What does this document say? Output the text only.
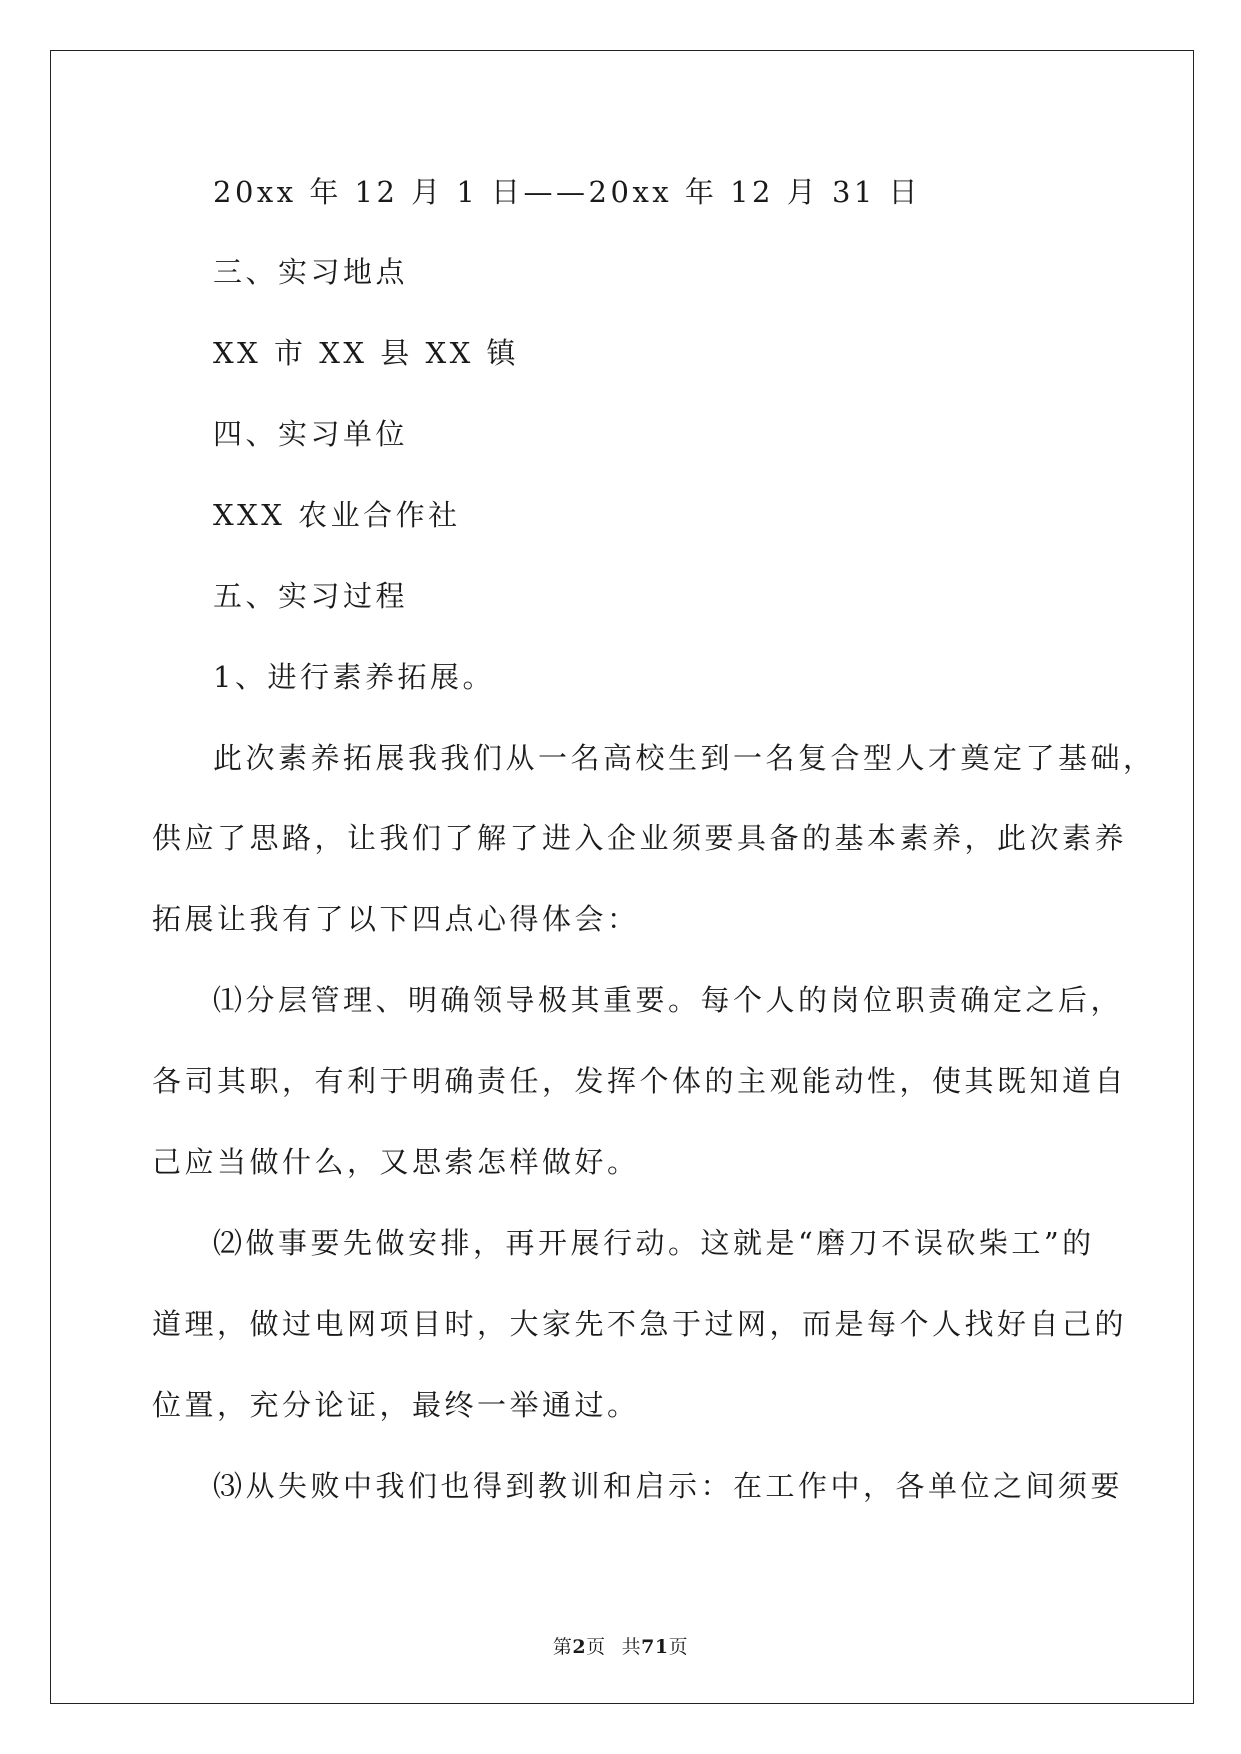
20xx 年 12 月 1 日——20xx 年 12 月 31 日
三、实习地点
XX 市 XX 县 XX 镇
四、实习单位
XXX 农业合作社
五、实习过程
1、进行素养拓展。
此次素养拓展我我们从一名高校生到一名复合型人才奠定了基础，
供应了思路，让我们了解了进入企业须要具备的基本素养，此次素养
拓展让我有了以下四点心得体会：
⑴分层管理、明确领导极其重要。每个人的岗位职责确定之后，
各司其职，有利于明确责任，发挥个体的主观能动性，使其既知道自
己应当做什么，又思索怎样做好。
⑵做事要先做安排，再开展行动。这就是“磨刀不误砍柴工”的
道理，做过电网项目时，大家先不急于过网，而是每个人找好自己的
位置，充分论证，最终一举通过。
⑶从失败中我们也得到教训和启示：在工作中，各单位之间须要
第2页 共71页
